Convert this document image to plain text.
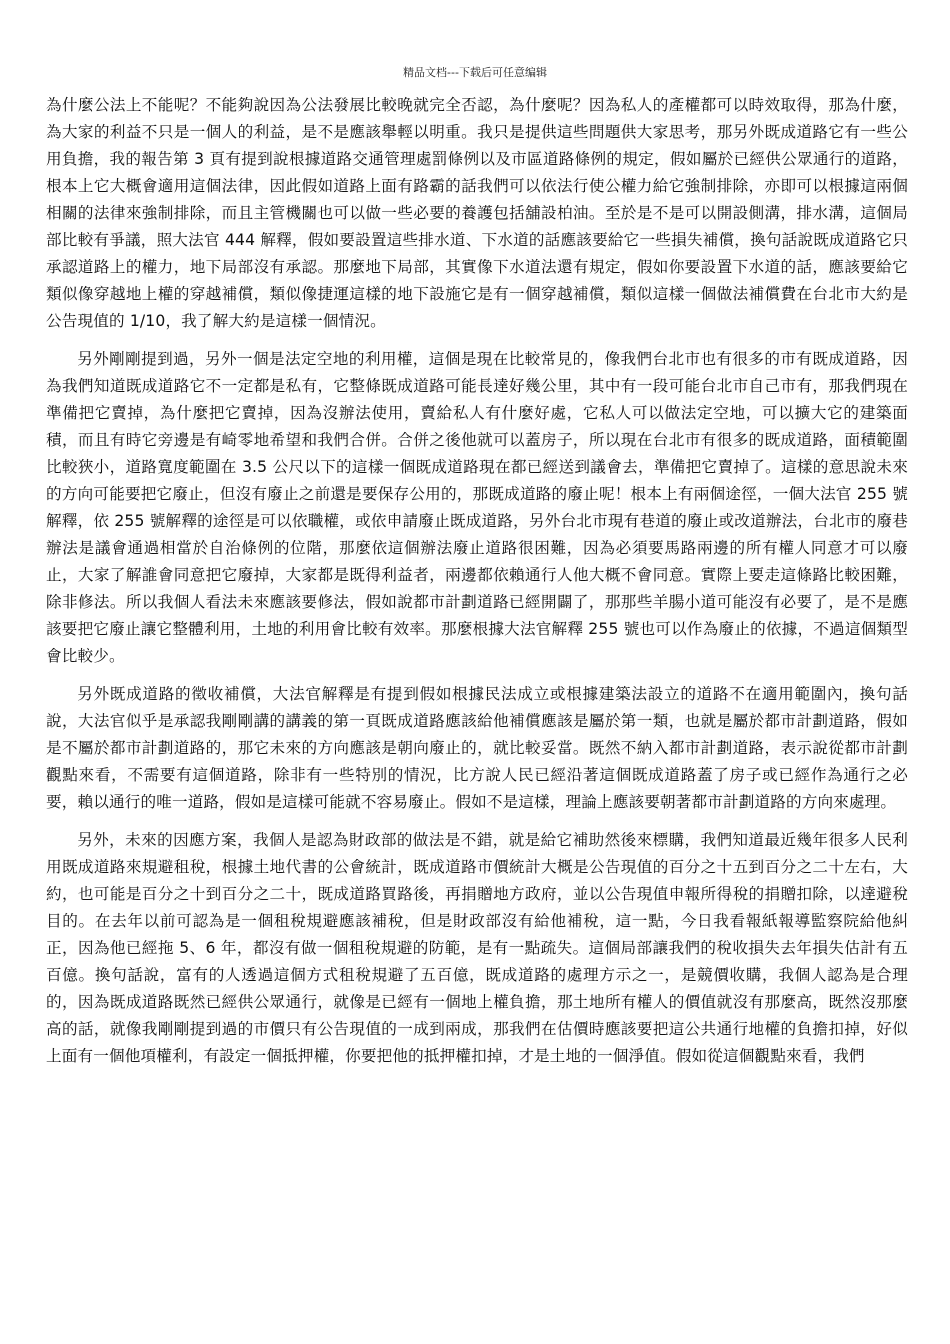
精品文档---下载后可任意编辑

為什麼公法上不能呢？不能夠說因為公法發展比較晚就完全否認，為什麼呢？因為私人的產權都可以時效取得，那為什麼，為大家的利益不只是一個人的利益，是不是應該舉輕以明重。我只是提供這些問題供大家思考，那另外既成道路它有一些公用負擔，我的報告第 3 頁有提到說根據道路交通管理處罰條例以及市區道路條例的規定，假如屬於已經供公眾通行的道路，根本上它大概會適用這個法律，因此假如道路上面有路霸的話我們可以依法行使公權力給它強制排除，亦即可以根據這兩個相關的法律來強制排除，而且主管機關也可以做一些必要的養護包括舖設柏油。至於是不是可以開設側溝，排水溝，這個局部比較有爭議，照大法官 444 解釋，假如要設置這些排水道、下水道的話應該要給它一些損失補償，換句話說既成道路它只承認道路上的權力，地下局部沒有承認。那麼地下局部，其實像下水道法還有規定，假如你要設置下水道的話，應該要給它類似像穿越地上權的穿越補償，類似像捷運這樣的地下設施它是有一個穿越補償，類似這樣一個做法補償費在台北市大約是公告現值的 1/10，我了解大約是這樣一個情況。

另外剛剛提到過，另外一個是法定空地的利用權，這個是現在比較常見的，像我們台北市也有很多的市有既成道路，因為我們知道既成道路它不一定都是私有，它整條既成道路可能長達好幾公里，其中有一段可能台北市自己市有，那我們現在準備把它賣掉，為什麼把它賣掉，因為沒辦法使用，賣給私人有什麼好處，它私人可以做法定空地，可以擴大它的建築面積，而且有時它旁邊是有崎零地希望和我們合併。合併之後他就可以蓋房子，所以現在台北市有很多的既成道路，面積範圍比較狹小，道路寬度範圍在 3.5 公尺以下的這樣一個既成道路現在都已經送到議會去，準備把它賣掉了。這樣的意思說未來的方向可能要把它廢止，但沒有廢止之前還是要保存公用的，那既成道路的廢止呢！根本上有兩個途徑，一個大法官 255 號解釋，依 255 號解釋的途徑是可以依職權，或依申請廢止既成道路，另外台北市現有巷道的廢止或改道辦法，台北市的廢巷辦法是議會通過相當於自治條例的位階，那麼依這個辦法廢止道路很困難，因為必須要馬路兩邊的所有權人同意才可以廢止，大家了解誰會同意把它廢掉，大家都是既得利益者，兩邊都依賴通行人他大概不會同意。實際上要走這條路比較困難，除非修法。所以我個人看法未來應該要修法，假如說都市計劃道路已經開闢了，那那些羊腸小道可能沒有必要了，是不是應該要把它廢止讓它整體利用，土地的利用會比較有效率。那麼根據大法官解釋 255 號也可以作為廢止的依據，不過這個類型會比較少。

另外既成道路的徵收補償，大法官解釋是有提到假如根據民法成立或根據建築法設立的道路不在適用範圍內，換句話說，大法官似乎是承認我剛剛講的講義的第一頁既成道路應該給他補償應該是屬於第一類，也就是屬於都市計劃道路，假如是不屬於都市計劃道路的，那它未來的方向應該是朝向廢止的，就比較妥當。既然不納入都市計劃道路，表示說從都市計劃觀點來看，不需要有這個道路，除非有一些特別的情況，比方說人民已經沿著這個既成道路蓋了房子或已經作為通行之必要，賴以通行的唯一道路，假如是這樣可能就不容易廢止。假如不是這樣，理論上應該要朝著都市計劃道路的方向來處理。

另外，未來的因應方案，我個人是認為財政部的做法是不錯，就是給它補助然後來標購，我們知道最近幾年很多人民利用既成道路來規避租稅，根據土地代書的公會統計，既成道路市價統計大概是公告現值的百分之十五到百分之二十左右，大約，也可能是百分之十到百分之二十，既成道路買路後，再捐贈地方政府，並以公告現值申報所得稅的捐贈扣除，以達避稅目的。在去年以前可認為是一個租稅規避應該補稅，但是財政部沒有給他補稅，這一點，今日我看報紙報導監察院給他糾正，因為他已經拖 5、6 年，都沒有做一個租稅規避的防範，是有一點疏失。這個局部讓我們的稅收損失去年損失估計有五百億。換句話說，富有的人透過這個方式租稅規避了五百億，既成道路的處理方示之一，是競價收購，我個人認為是合理的，因為既成道路既然已經供公眾通行，就像是已經有一個地上權負擔，那土地所有權人的價值就沒有那麼高，既然沒那麼高的話，就像我剛剛提到過的市價只有公告現值的一成到兩成，那我們在估價時應該要把這公共通行地權的負擔扣掉，好似上面有一個他項權利，有設定一個抵押權，你要把他的抵押權扣掉，才是土地的一個淨值。假如從這個觀點來看，我們
